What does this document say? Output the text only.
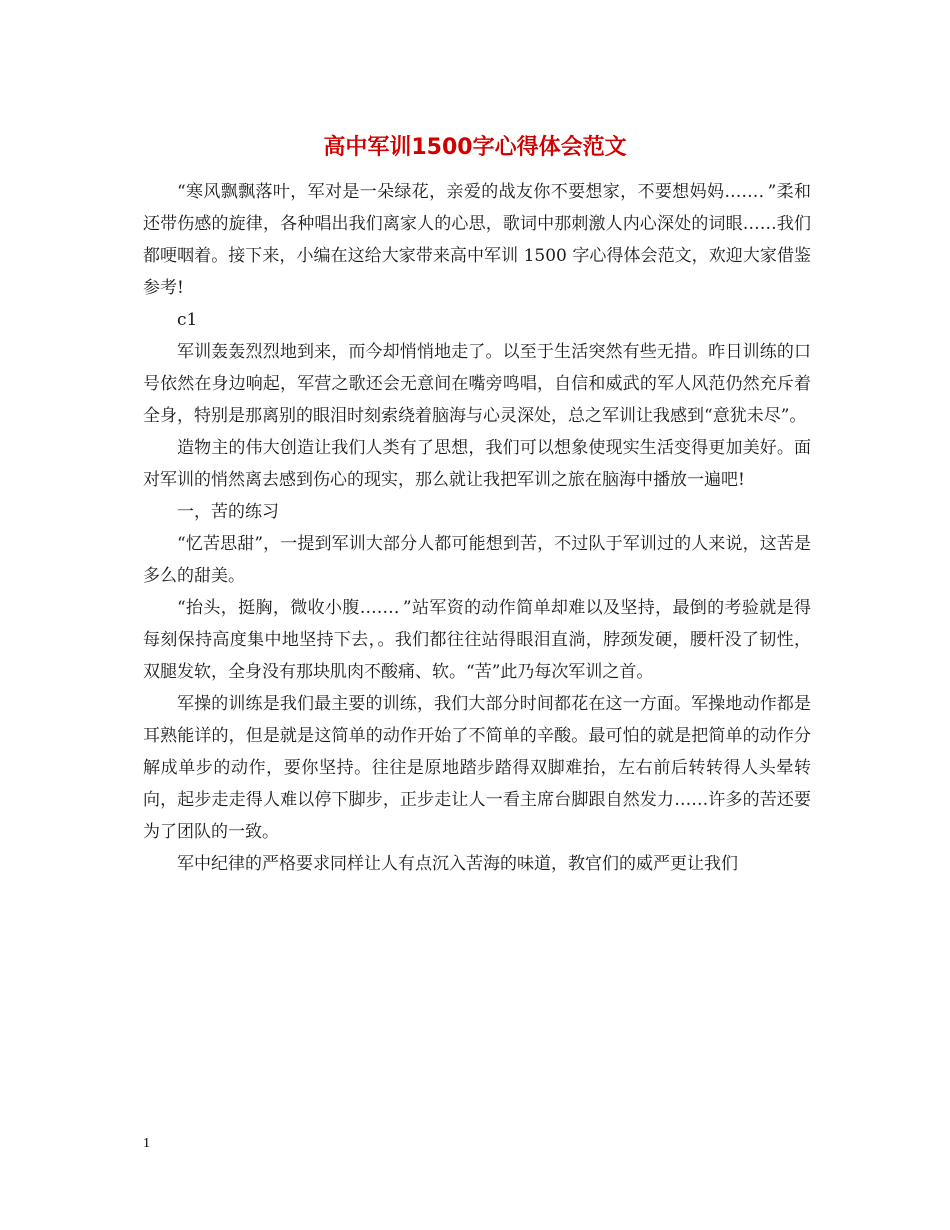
高中军训1500字心得体会范文

“寒风飘飘落叶，军对是一朵绿花，亲爱的战友你不要想家，不要想妈妈……．”柔和还带伤感的旋律，各种唱出我们离家人的心思，歌词中那刺激人内心深处的词眼……我们都哽咽着。接下来，小编在这给大家带来高中军训 1500 字心得体会范文，欢迎大家借鉴参考!

c1

军训轰轰烈烈地到来，而今却悄悄地走了。以至于生活突然有些无措。昨日训练的口号依然在身边响起，军营之歌还会无意间在嘴旁鸣唱，自信和威武的军人风范仍然充斥着全身，特别是那离别的眼泪时刻索绕着脑海与心灵深处，总之军训让我感到“意犹未尽”。

造物主的伟大创造让我们人类有了思想，我们可以想象使现实生活变得更加美好。面对军训的悄然离去感到伤心的现实，那么就让我把军训之旅在脑海中播放一遍吧!

一，苦的练习

“忆苦思甜”，一提到军训大部分人都可能想到苦，不过队于军训过的人来说，这苦是多么的甜美。

“抬头，挺胸，微收小腹……．”站军资的动作简单却难以及坚持，最倒的考验就是得每刻保持高度集中地坚持下去，。我们都往往站得眼泪直淌，脖颈发硬，腰杆没了韧性，双腿发软，全身没有那块肌肉不酸痛、软。“苦”此乃每次军训之首。

军操的训练是我们最主要的训练，我们大部分时间都花在这一方面。军操地动作都是耳熟能详的，但是就是这简单的动作开始了不简单的辛酸。最可怕的就是把简单的动作分解成单步的动作，要你坚持。往往是原地踏步踏得双脚难抬，左右前后转转得人头晕转向，起步走走得人难以停下脚步，正步走让人一看主席台脚跟自然发力……许多的苦还要为了团队的一致。

军中纪律的严格要求同样让人有点沉入苦海的味道，教官们的威严更让我们

1
